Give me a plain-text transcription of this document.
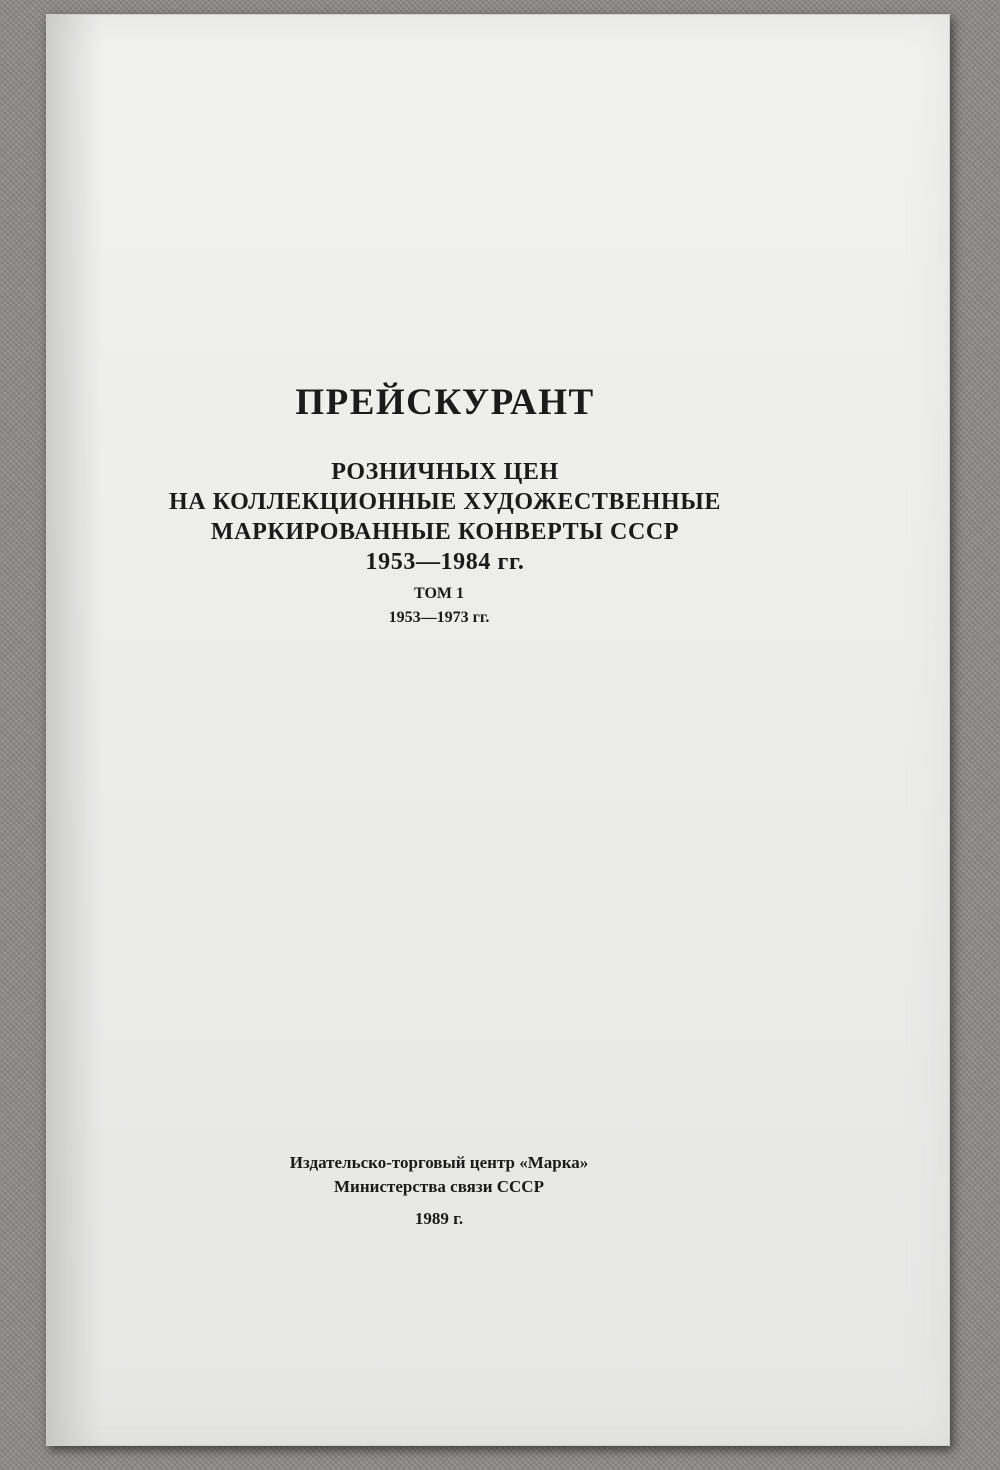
ПРЕЙСКУРАНТ
РОЗНИЧНЫХ ЦЕН
НА КОЛЛЕКЦИОННЫЕ ХУДОЖЕСТВЕННЫЕ
МАРКИРОВАННЫЕ КОНВЕРТЫ СССР
1953—1984 гг.
ТОМ 1
1953—1973 гг.
Издательско-торговый центр «Марка»
Министерства связи СССР
1989 г.
